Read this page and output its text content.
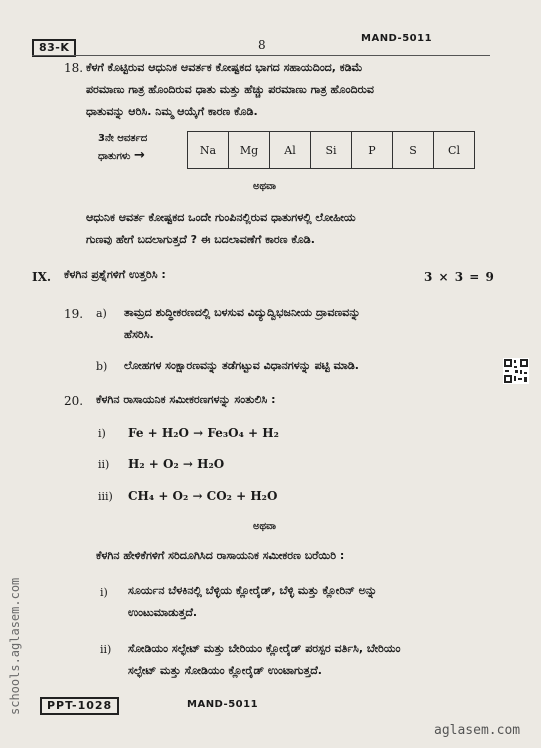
83-K	8	MAND-5011
18. ಕೆಳಗೆ ಕೊಟ್ಟಿರುವ ಆಧುನಿಕ ಆವರ್ತಕ ಕೋಷ್ಟಕದ ಭಾಗದ ಸಹಾಯದಿಂದ, ಕಡಿಮೆ
ಪರಮಾಣು ಗಾತ್ರ ಹೊಂದಿರುವ ಧಾತು ಮತ್ತು ಹೆಚ್ಚು ಪರಮಾಣು ಗಾತ್ರ ಹೊಂದಿರುವ
ಧಾತುವನ್ನು ಆರಿಸಿ. ನಿಮ್ಮ ಆಯ್ಕೆಗೆ ಕಾರಣ ಕೊಡಿ.
3ನೇ ಆವರ್ತದ
ಧಾತುಗಳು →	Na	Mg	Al	Si	P	S	Cl
ಅಥವಾ
ಆಧುನಿಕ ಆವರ್ತ ಕೋಷ್ಟಕದ ಒಂದೇ ಗುಂಪಿನಲ್ಲಿರುವ ಧಾತುಗಳಲ್ಲಿ ಲೋಹೀಯ
ಗುಣವು ಹೇಗೆ ಬದಲಾಗುತ್ತದೆ ? ಈ ಬದಲಾವಣೆಗೆ ಕಾರಣ ಕೊಡಿ.
IX. ಕೆಳಗಿನ ಪ್ರಶ್ನೆಗಳಿಗೆ ಉತ್ತರಿಸಿ :	3 × 3 = 9
19. a) ತಾಮ್ರದ ಶುದ್ಧೀಕರಣದಲ್ಲಿ ಬಳಸುವ ವಿದ್ಯುದ್ವಿಭಜನೀಯ ದ್ರಾವಣವನ್ನು
ಹೆಸರಿಸಿ.
b) ಲೋಹಗಳ ಸಂಕ್ಷಾರಣವನ್ನು ತಡೆಗಟ್ಟುವ ವಿಧಾನಗಳನ್ನು ಪಟ್ಟಿ ಮಾಡಿ.
20. ಕೆಳಗಿನ ರಾಸಾಯನಿಕ ಸಮೀಕರಣಗಳನ್ನು ಸಂತುಲಿಸಿ :
i) Fe + H₂O → Fe₃O₄ + H₂
ii) H₂ + O₂ → H₂O
iii) CH₄ + O₂ → CO₂ + H₂O
ಅಥವಾ
ಕೆಳಗಿನ ಹೇಳಿಕೆಗಳಿಗೆ ಸರಿದೂಗಿಸಿದ ರಾಸಾಯನಿಕ ಸಮೀಕರಣ ಬರೆಯಿರಿ :
i) ಸೂರ್ಯನ ಬೆಳಕಿನಲ್ಲಿ ಬೆಳ್ಳಿಯ ಕ್ಲೋರೈಡ್, ಬೆಳ್ಳಿ ಮತ್ತು ಕ್ಲೋರಿನ್ ಅನ್ನು
ಉಂಟುಮಾಡುತ್ತದೆ.
ii) ಸೋಡಿಯಂ ಸಲ್ಫೇಟ್ ಮತ್ತು ಬೇರಿಯಂ ಕ್ಲೋರೈಡ್ ಪರಸ್ಪರ ವರ್ತಿಸಿ, ಬೇರಿಯಂ
ಸಲ್ಫೇಟ್ ಮತ್ತು ಸೋಡಿಯಂ ಕ್ಲೋರೈಡ್ ಉಂಟಾಗುತ್ತದೆ.
PPT-1028	MAND-5011
schools.aglasem.com
aglasem.com
